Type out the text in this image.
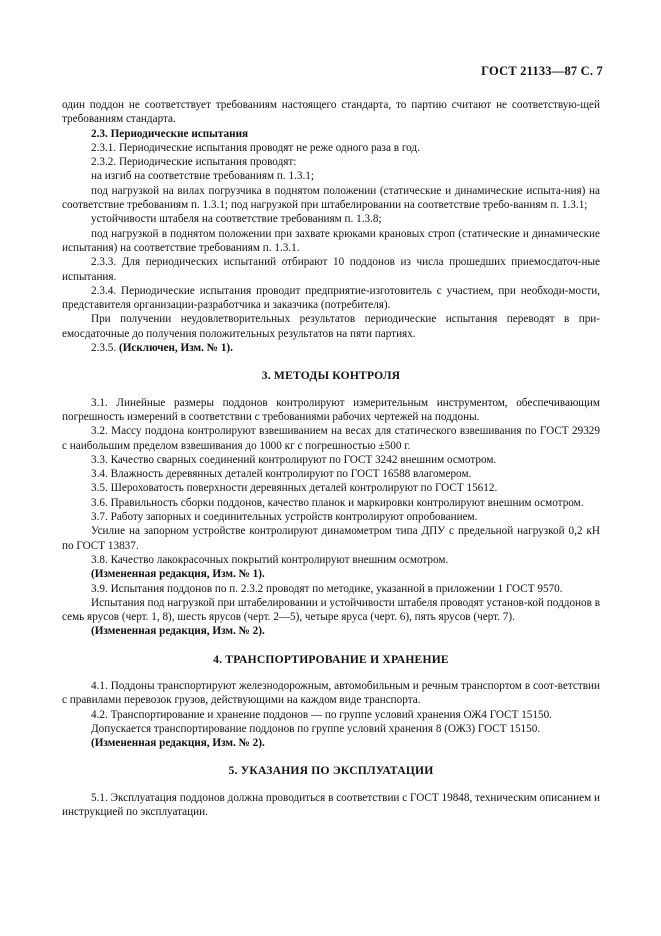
ГОСТ 21133—87 С. 7
один поддон не соответствует требованиям настоящего стандарта, то партию считают не соответствую-щей требованиям стандарта.
2.3. Периодические испытания
2.3.1. Периодические испытания проводят не реже одного раза в год.
2.3.2. Периодические испытания проводят:
на изгиб на соответствие требованиям п. 1.3.1;
под нагрузкой на вилах погрузчика в поднятом положении (статические и динамические испыта-ния) на соответствие требованиям п. 1.3.1; под нагрузкой при штабелировании на соответствие требо-ваниям п. 1.3.1;
устойчивости штабеля на соответствие требованиям п. 1.3.8;
под нагрузкой в поднятом положении при захвате крюками крановых строп (статические и динамические испытания) на соответствие требованиям п. 1.3.1.
2.3.3. Для периодических испытаний отбирают 10 поддонов из числа прошедших приемосдаточ-ные испытания.
2.3.4. Периодические испытания проводит предприятие-изготовитель с участием, при необходи-мости, представителя организации-разработчика и заказчика (потребителя).
При получении неудовлетворительных результатов периодические испытания переводят в при-емосдаточные до получения положительных результатов на пяти партиях.
2.3.5. (Исключен, Изм. № 1).
3. МЕТОДЫ КОНТРОЛЯ
3.1. Линейные размеры поддонов контролируют измерительным инструментом, обеспечивающим погрешность измерений в соответствии с требованиями рабочих чертежей на поддоны.
3.2. Массу поддона контролируют взвешиванием на весах для статического взвешивания по ГОСТ 29329 с наибольшим пределом взвешивания до 1000 кг с погрешностью ±500 г.
3.3. Качество сварных соединений контролируют по ГОСТ 3242 внешним осмотром.
3.4. Влажность деревянных деталей контролируют по ГОСТ 16588 влагомером.
3.5. Шероховатость поверхности деревянных деталей контролируют по ГОСТ 15612.
3.6. Правильность сборки поддонов, качество планок и маркировки контролируют внешним осмотром.
3.7. Работу запорных и соединительных устройств контролируют опробованием.
Усилие на запорном устройстве контролируют динамометром типа ДПУ с предельной нагрузкой 0,2 кН по ГОСТ 13837.
3.8. Качество лакокрасочных покрытий контролируют внешним осмотром.
(Измененная редакция, Изм. № 1).
3.9. Испытания поддонов по п. 2.3.2 проводят по методике, указанной в приложении 1 ГОСТ 9570.
Испытания под нагрузкой при штабелировании и устойчивости штабеля проводят установ-кой поддонов в семь ярусов (черт. 1, 8), шесть ярусов (черт. 2—5), четыре яруса (черт. 6), пять ярусов (черт. 7).
(Измененная редакция, Изм. № 2).
4. ТРАНСПОРТИРОВАНИЕ И ХРАНЕНИЕ
4.1. Поддоны транспортируют железнодорожным, автомобильным и речным транспортом в соот-ветствии с правилами перевозок грузов, действующими на каждом виде транспорта.
4.2. Транспортирование и хранение поддонов — по группе условий хранения ОЖ4 ГОСТ 15150.
Допускается транспортирование поддонов по группе условий хранения 8 (ОЖ3) ГОСТ 15150.
(Измененная редакция, Изм. № 2).
5. УКАЗАНИЯ ПО ЭКСПЛУАТАЦИИ
5.1. Эксплуатация поддонов должна проводиться в соответствии с ГОСТ 19848, техническим описанием и инструкцией по эксплуатации.
